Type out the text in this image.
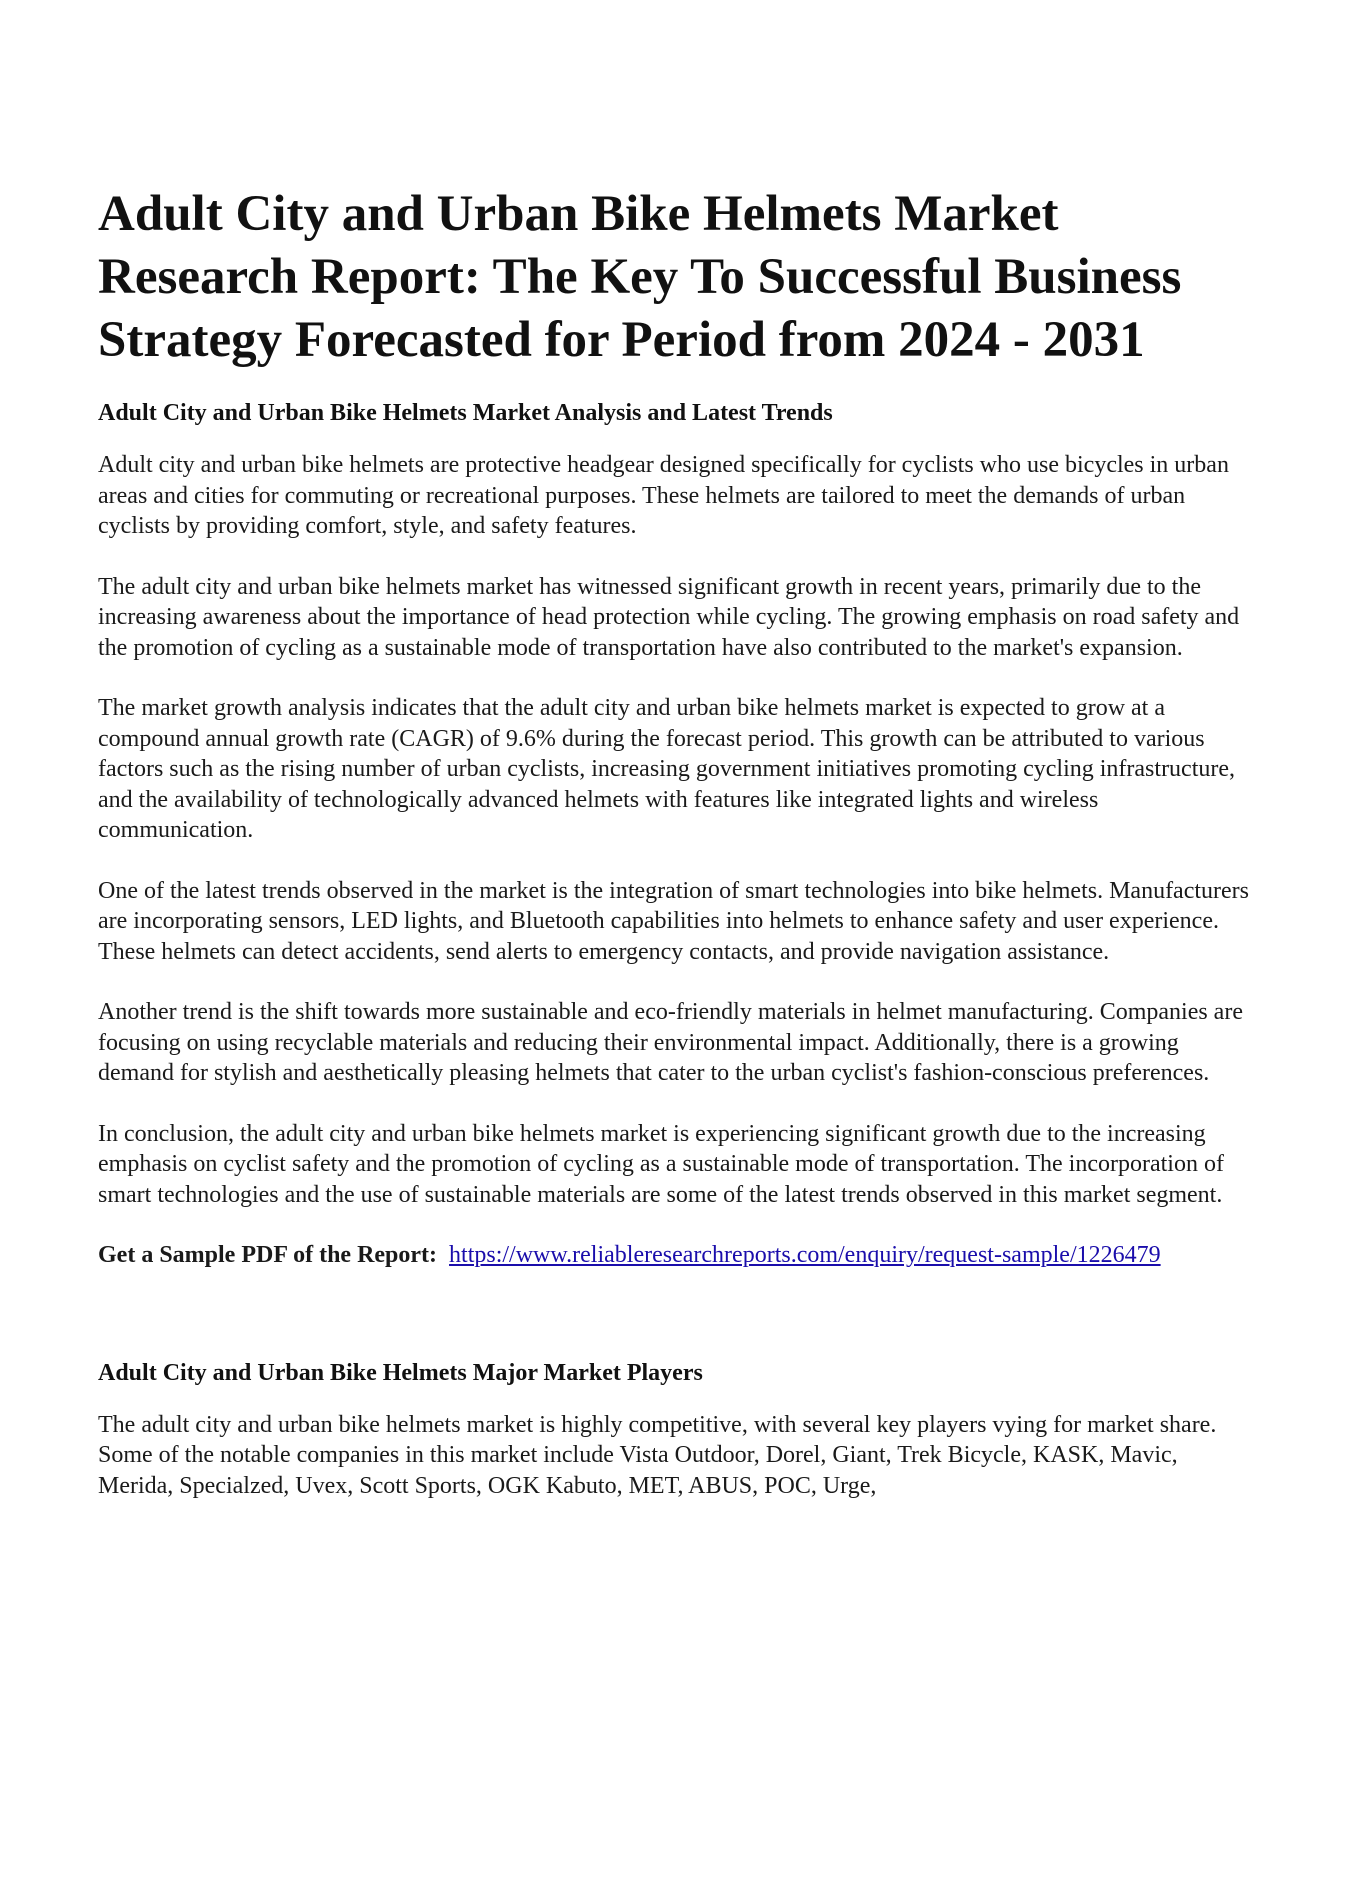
Adult City and Urban Bike Helmets Market Research Report: The Key To Successful Business Strategy Forecasted for Period from 2024 - 2031
Adult City and Urban Bike Helmets Market Analysis and Latest Trends

Adult city and urban bike helmets are protective headgear designed specifically for cyclists who use bicycles in urban areas and cities for commuting or recreational purposes. These helmets are tailored to meet the demands of urban cyclists by providing comfort, style, and safety features.

The adult city and urban bike helmets market has witnessed significant growth in recent years, primarily due to the increasing awareness about the importance of head protection while cycling. The growing emphasis on road safety and the promotion of cycling as a sustainable mode of transportation have also contributed to the market's expansion.

The market growth analysis indicates that the adult city and urban bike helmets market is expected to grow at a compound annual growth rate (CAGR) of 9.6% during the forecast period. This growth can be attributed to various factors such as the rising number of urban cyclists, increasing government initiatives promoting cycling infrastructure, and the availability of technologically advanced helmets with features like integrated lights and wireless communication.

One of the latest trends observed in the market is the integration of smart technologies into bike helmets. Manufacturers are incorporating sensors, LED lights, and Bluetooth capabilities into helmets to enhance safety and user experience. These helmets can detect accidents, send alerts to emergency contacts, and provide navigation assistance.

Another trend is the shift towards more sustainable and eco-friendly materials in helmet manufacturing. Companies are focusing on using recyclable materials and reducing their environmental impact. Additionally, there is a growing demand for stylish and aesthetically pleasing helmets that cater to the urban cyclist's fashion-conscious preferences.

In conclusion, the adult city and urban bike helmets market is experiencing significant growth due to the increasing emphasis on cyclist safety and the promotion of cycling as a sustainable mode of transportation. The incorporation of smart technologies and the use of sustainable materials are some of the latest trends observed in this market segment.

Get a Sample PDF of the Report: https://www.reliableresearchreports.com/enquiry/request-sample/1226479

Adult City and Urban Bike Helmets Major Market Players

The adult city and urban bike helmets market is highly competitive, with several key players vying for market share. Some of the notable companies in this market include Vista Outdoor, Dorel, Giant, Trek Bicycle, KASK, Mavic, Merida, Specialzed, Uvex, Scott Sports, OGK Kabuto, MET, ABUS, POC, Urge,
